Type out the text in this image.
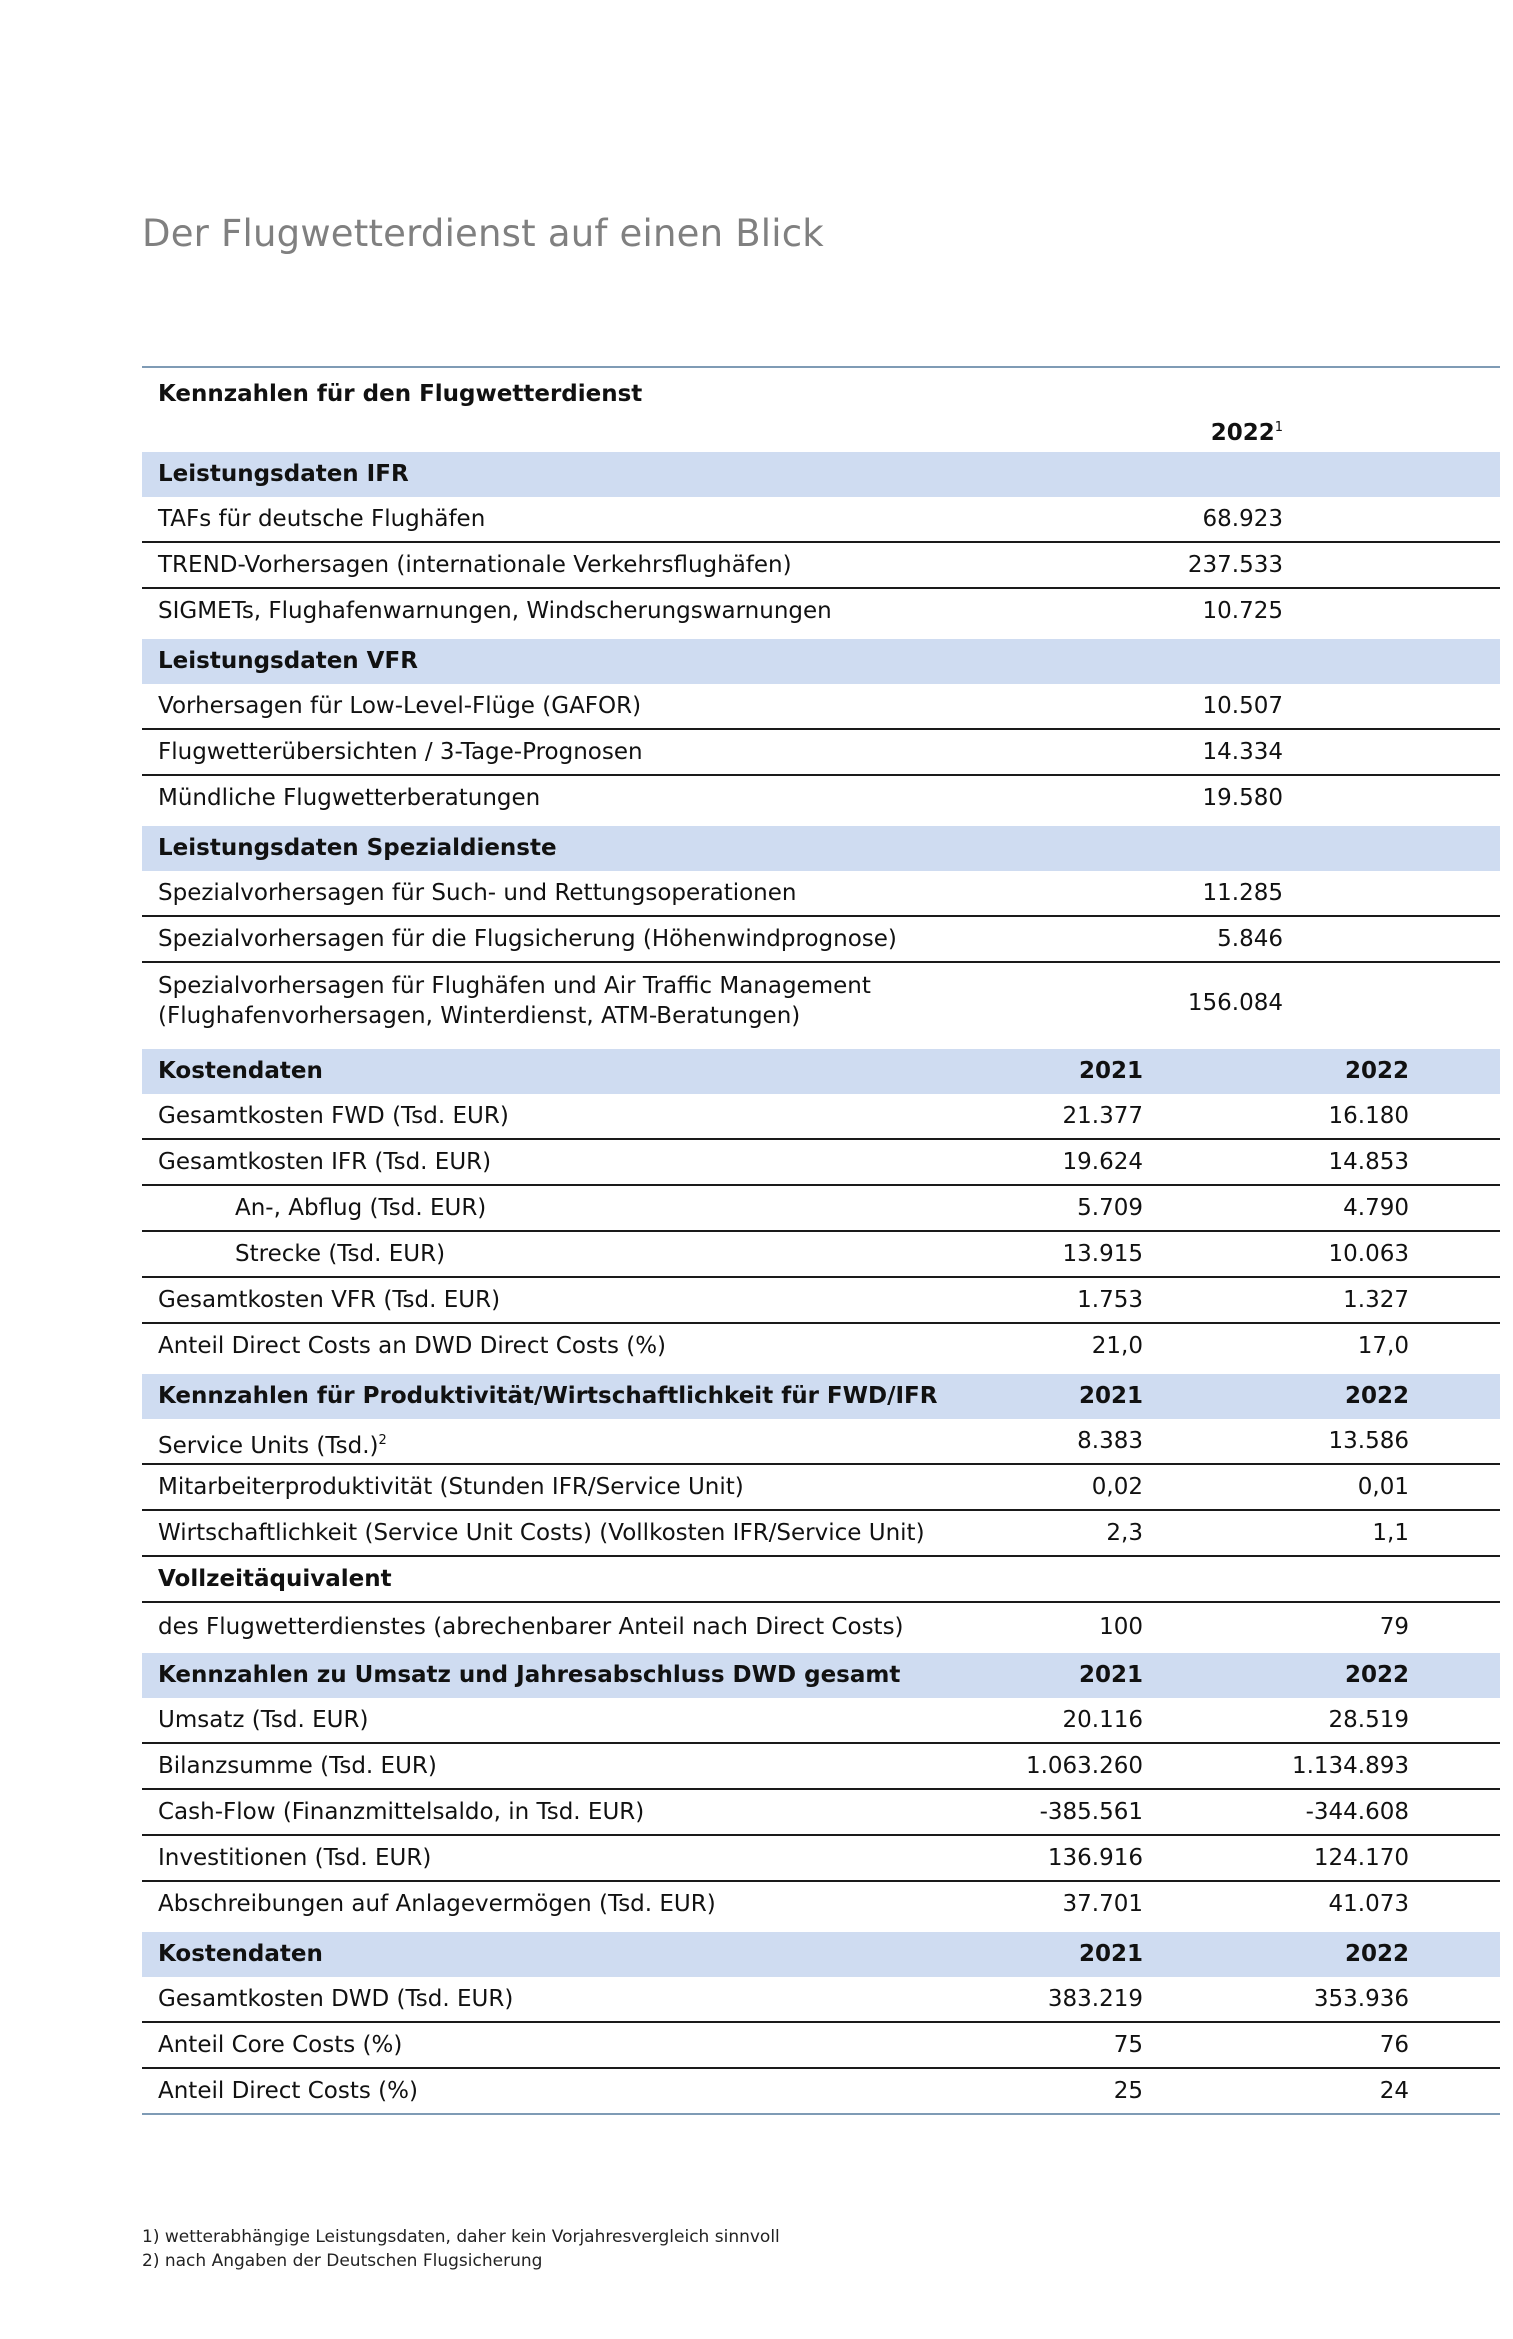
Der Flugwetterdienst auf einen Blick
Kennzahlen für den Flugwetterdienst
2022$^1$
Leistungsdaten IFR
TAFs für deutsche Flughäfen	68.923
TREND-Vorhersagen (internationale Verkehrsflughäfen)	237.533
SIGMETs, Flughafenwarnungen, Windscherungswarnungen	10.725
Leistungsdaten VFR
Vorhersagen für Low-Level-Flüge (GAFOR)	10.507
Flugwetterübersichten / 3-Tage-Prognosen	14.334
Mündliche Flugwetterberatungen	19.580
Leistungsdaten Spezialdienste
Spezialvorhersagen für Such- und Rettungsoperationen	11.285
Spezialvorhersagen für die Flugsicherung (Höhenwindprognose)	5.846
Spezialvorhersagen für Flughäfen und Air Traffic Management
(Flughafenvorhersagen, Winterdienst, ATM-Beratungen)	156.084
Kostendaten	2021	2022
Gesamtkosten FWD (Tsd. EUR)	21.377	16.180
Gesamtkosten IFR (Tsd. EUR)	19.624	14.853
An-, Abflug (Tsd. EUR)	5.709	4.790
Strecke (Tsd. EUR)	13.915	10.063
Gesamtkosten VFR (Tsd. EUR)	1.753	1.327
Anteil Direct Costs an DWD Direct Costs (%)	21,0	17,0
Kennzahlen für Produktivität/Wirtschaftlichkeit für FWD/IFR	2021	2022
Service Units $(Tsd.)^2$	8.383	13.586
Mitarbeiterproduktivität (Stunden IFR/Service Unit)	0,02	0,01
Wirtschaftlichkeit (Service Unit Costs) (Vollkosten IFR/Service Unit)	2,3	1,1
Vollzeitäquivalent
des Flugwetterdienstes (abrechenbarer Anteil nach Direct Costs)	100	79
Kennzahlen zu Umsatz und Jahresabschluss DWD gesamt	2021	2022
Umsatz (Tsd. EUR)	20.116	28.519
Bilanzsumme (Tsd. EUR)	1.063.260	1.134.893
Cash-Flow (Finanzmittelsaldo, in Tsd. EUR)	-385.561	-344.608
Investitionen (Tsd. EUR)	136.916	124.170
Abschreibungen auf Anlagevermögen (Tsd. EUR)	37.701	41.073
Kostendaten	2021	2022
Gesamtkosten DWD (Tsd. EUR)	383.219	353.936
Anteil Core Costs (%)	75	76
Anteil Direct Costs (%)	25	24
1) wetterabhängige Leistungsdaten, daher kein Vorjahresvergleich sinnvoll
2) nach Angaben der Deutschen Flugsicherung
